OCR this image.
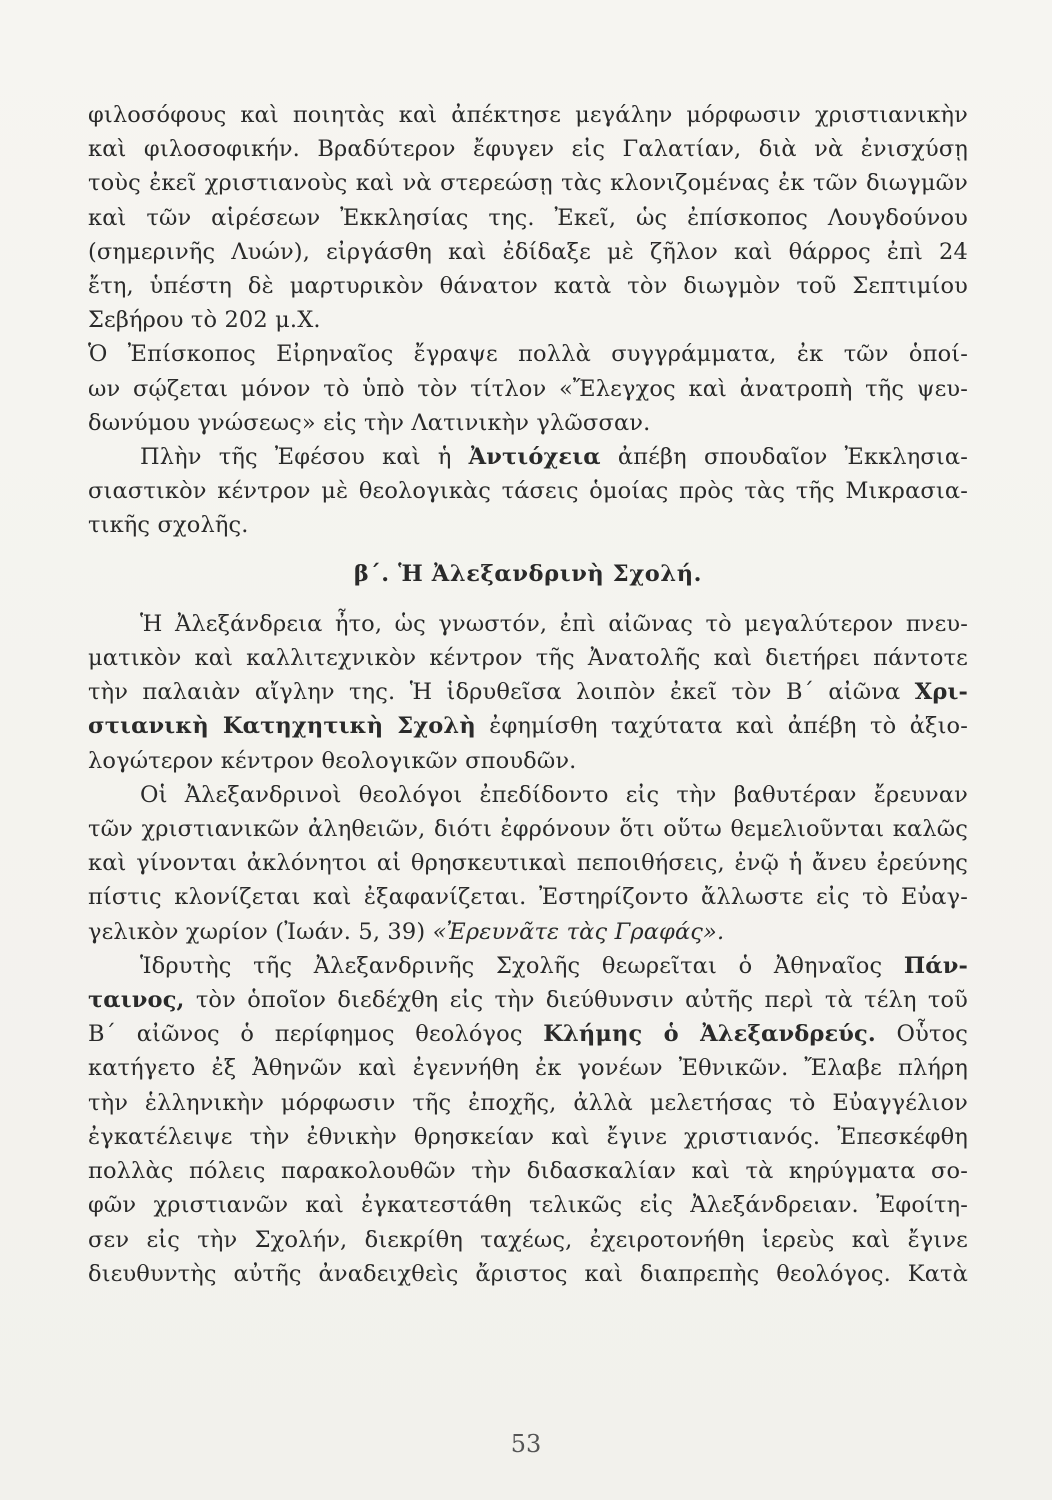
φιλοσόφους καὶ ποιητὰς καὶ ἀπέκτησε μεγάλην μόρφωσιν χριστιανικὴν
καὶ φιλοσοφικήν. Βραδύτερον ἔφυγεν εἰς Γαλατίαν, διὰ νὰ ἐνισχύσῃ
τοὺς ἐκεῖ χριστιανοὺς καὶ νὰ στερεώσῃ τὰς κλονιζομένας ἐκ τῶν διωγμῶν
καὶ τῶν αἱρέσεων Ἐκκλησίας της. Ἐκεῖ, ὡς ἐπίσκοπος Λουγδούνου
(σημερινῆς Λυών), εἰργάσθη καὶ ἐδίδαξε μὲ ζῆλον καὶ θάρρος ἐπὶ 24
ἔτη, ὑπέστη δὲ μαρτυρικὸν θάνατον κατὰ τὸν διωγμὸν τοῦ Σεπτιμίου
Σεβήρου τὸ 202 μ.Χ.
Ὁ Ἐπίσκοπος Εἰρηναῖος ἔγραψε πολλὰ συγγράμματα, ἐκ τῶν ὁποί-
ων σῴζεται μόνον τὸ ὑπὸ τὸν τίτλον «Ἔλεγχος καὶ ἀνατροπὴ τῆς ψευ-
δωνύμου γνώσεως» εἰς τὴν Λατινικὴν γλῶσσαν.
Πλὴν τῆς Ἐφέσου καὶ ἡ Ἀντιόχεια ἀπέβη σπουδαῖον Ἐκκλησια-
σιαστικὸν κέντρον μὲ θεολογικὰς τάσεις ὁμοίας πρὸς τὰς τῆς Μικρασια-
τικῆς σχολῆς.
β΄. Ἡ Ἀλεξανδρινὴ Σχολή.
Ἡ Ἀλεξάνδρεια ἦτο, ὡς γνωστόν, ἐπὶ αἰῶνας τὸ μεγαλύτερον πνευ-
ματικὸν καὶ καλλιτεχνικὸν κέντρον τῆς Ἀνατολῆς καὶ διετήρει πάντοτε
τὴν παλαιὰν αἴγλην της. Ἡ ἱδρυθεῖσα λοιπὸν ἐκεῖ τὸν Β΄ αἰῶνα Χρι-
στιανικὴ Κατηχητικὴ Σχολὴ ἐφημίσθη ταχύτατα καὶ ἀπέβη τὸ ἀξιο-
λογώτερον κέντρον θεολογικῶν σπουδῶν.
Οἱ Ἀλεξανδρινοὶ θεολόγοι ἐπεδίδοντο εἰς τὴν βαθυτέραν ἔρευναν
τῶν χριστιανικῶν ἀληθειῶν, διότι ἐφρόνουν ὅτι οὕτω θεμελιοῦνται καλῶς
καὶ γίνονται ἀκλόνητοι αἱ θρησκευτικαὶ πεποιθήσεις, ἐνῷ ἡ ἄνευ ἐρεύνης
πίστις κλονίζεται καὶ ἐξαφανίζεται. Ἐστηρίζοντο ἄλλωστε εἰς τὸ Εὐαγ-
γελικὸν χωρίον (Ἰωάν. 5, 39) «Ἐρευνᾶτε τὰς Γραφάς».
Ἱδρυτὴς τῆς Ἀλεξανδρινῆς Σχολῆς θεωρεῖται ὁ Ἀθηναῖος Πάν-
ταινος, τὸν ὁποῖον διεδέχθη εἰς τὴν διεύθυνσιν αὐτῆς περὶ τὰ τέλη τοῦ
Β΄ αἰῶνος ὁ περίφημος θεολόγος Κλήμης ὁ Ἀλεξανδρεύς. Οὗτος
κατήγετο ἐξ Ἀθηνῶν καὶ ἐγεννήθη ἐκ γονέων Ἐθνικῶν. Ἔλαβε πλήρη
τὴν ἑλληνικὴν μόρφωσιν τῆς ἐποχῆς, ἀλλὰ μελετήσας τὸ Εὐαγγέλιον
ἐγκατέλειψε τὴν ἐθνικὴν θρησκείαν καὶ ἔγινε χριστιανός. Ἐπεσκέφθη
πολλὰς πόλεις παρακολουθῶν τὴν διδασκαλίαν καὶ τὰ κηρύγματα σο-
φῶν χριστιανῶν καὶ ἐγκατεστάθη τελικῶς εἰς Ἀλεξάνδρειαν. Ἐφοίτη-
σεν εἰς τὴν Σχολήν, διεκρίθη ταχέως, ἐχειροτονήθη ἱερεὺς καὶ ἔγινε
διευθυντὴς αὐτῆς ἀναδειχθεὶς ἄριστος καὶ διαπρεπὴς θεολόγος. Κατὰ
53
